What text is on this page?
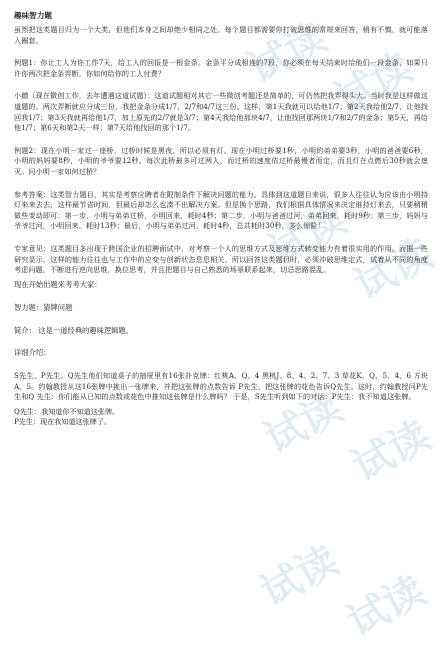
试读
试读
试读
试读
试读
试读
试读
试读

趣味智力题

虽然把这类题目归为一个大类，但他们本身之间却绝少相同之处。每个题目都需要你打破思维的常规来回答，稍有不慎，就可能落入圈套。

例题1：你让工人为你工作7天，给工人的回报是一根金条。金条平分成相连的7段，你必须在每天结束时给他们一段金条，如果只许你两次把金条弄断，你如何给你的工人付费？

小蹭（现在微创工作，去年遭遇这道试题）：这道试题相对其它一些微创考题还是简单的，可仍然把我弄得头大。当时我是这样做这道题的。两次弄断就应分成三份，我把金条分成1/7、2/7和4/7这三份。这样，第1天我就可以给他1/7；第2天我给他2/7，让他找回我1/7；第3天我就再给他1/7，加上原先的2/7就是3/7；第4天我给他那块4/7，让他找回那两块1/7和2/7的金条；第5天，再给他1/7；第6天和第2天一样；第7天给他找回的那个1/7。

例题2：现在小明一家过一座桥，过桥时候是黑夜，所以必须有灯。现在小明过桥要1秒，小明的弟弟要3秒，小明的爸爸要6秒，小明的妈妈要8秒，小明的爷爷要12秒。每次此桥最多可过两人，而过桥的速度依过桥最慢者而定，而且灯在点燃后30秒就会熄灭。问小明一家如何过桥？

参考答案：这类智力题目，其实是考察应聘者在限制条件下解决问题的能力。具体到这道题目来说，很多人往往认为应该由小明持灯来来去去，这样最节省时间，但最后却怎么也凑不出解决方案。但是换个思路，我们根据具体情况来决定谁持灯来去，只要稍稍做些变动即可：第一步，小明与弟弟过桥，小明回来，耗时4秒；第二步，小明与爸爸过河，弟弟回来，耗时9秒；第三步，妈妈与爷爷过河，小明回来，耗时13秒；最后，小明与弟弟过河，耗时4秒，总共耗时30秒，多么惊险！

专家意见：这类题目多出现于跨国企业的招聘面试中，对考察一个人的思维方式及思维方式转变能力有着很实用的作用，而据一些研究显示，这样的能力往往也与工作中的应变与创新状态息息相关。所以回答这类题目时，必须冲破思维定式，试着从不同的角度考虑问题，不断进行逆向思维，换位思考，并且把题目与自己熟悉的场景联系起来，切忌思路混乱。

现在开始出题来考考大家：

智力题：猜牌问题

简介： 这是一道经典的趣味逻辑题。

详细介绍：

S先生、P先生、Q先生他们知道桌子的抽屉里有16张扑克牌：红桃A、Q、4 黑桃J、8、4、2、7、3 草花K、Q、5、4、6 方块A、5。约翰教授从这16张牌中挑出一张牌来，并把这张牌的点数告诉 P先生，把这张牌的花色告诉Q先生。这时，约翰教授问P先生和Q 先生：你们能从已知的点数或花色中推知这张牌是什么牌吗？ 于是，S先生听到如下的对话：P先生：我不知道这张牌。

Q先生：我知道你不知道这张牌。

P先生：现在我知道这张牌了。
